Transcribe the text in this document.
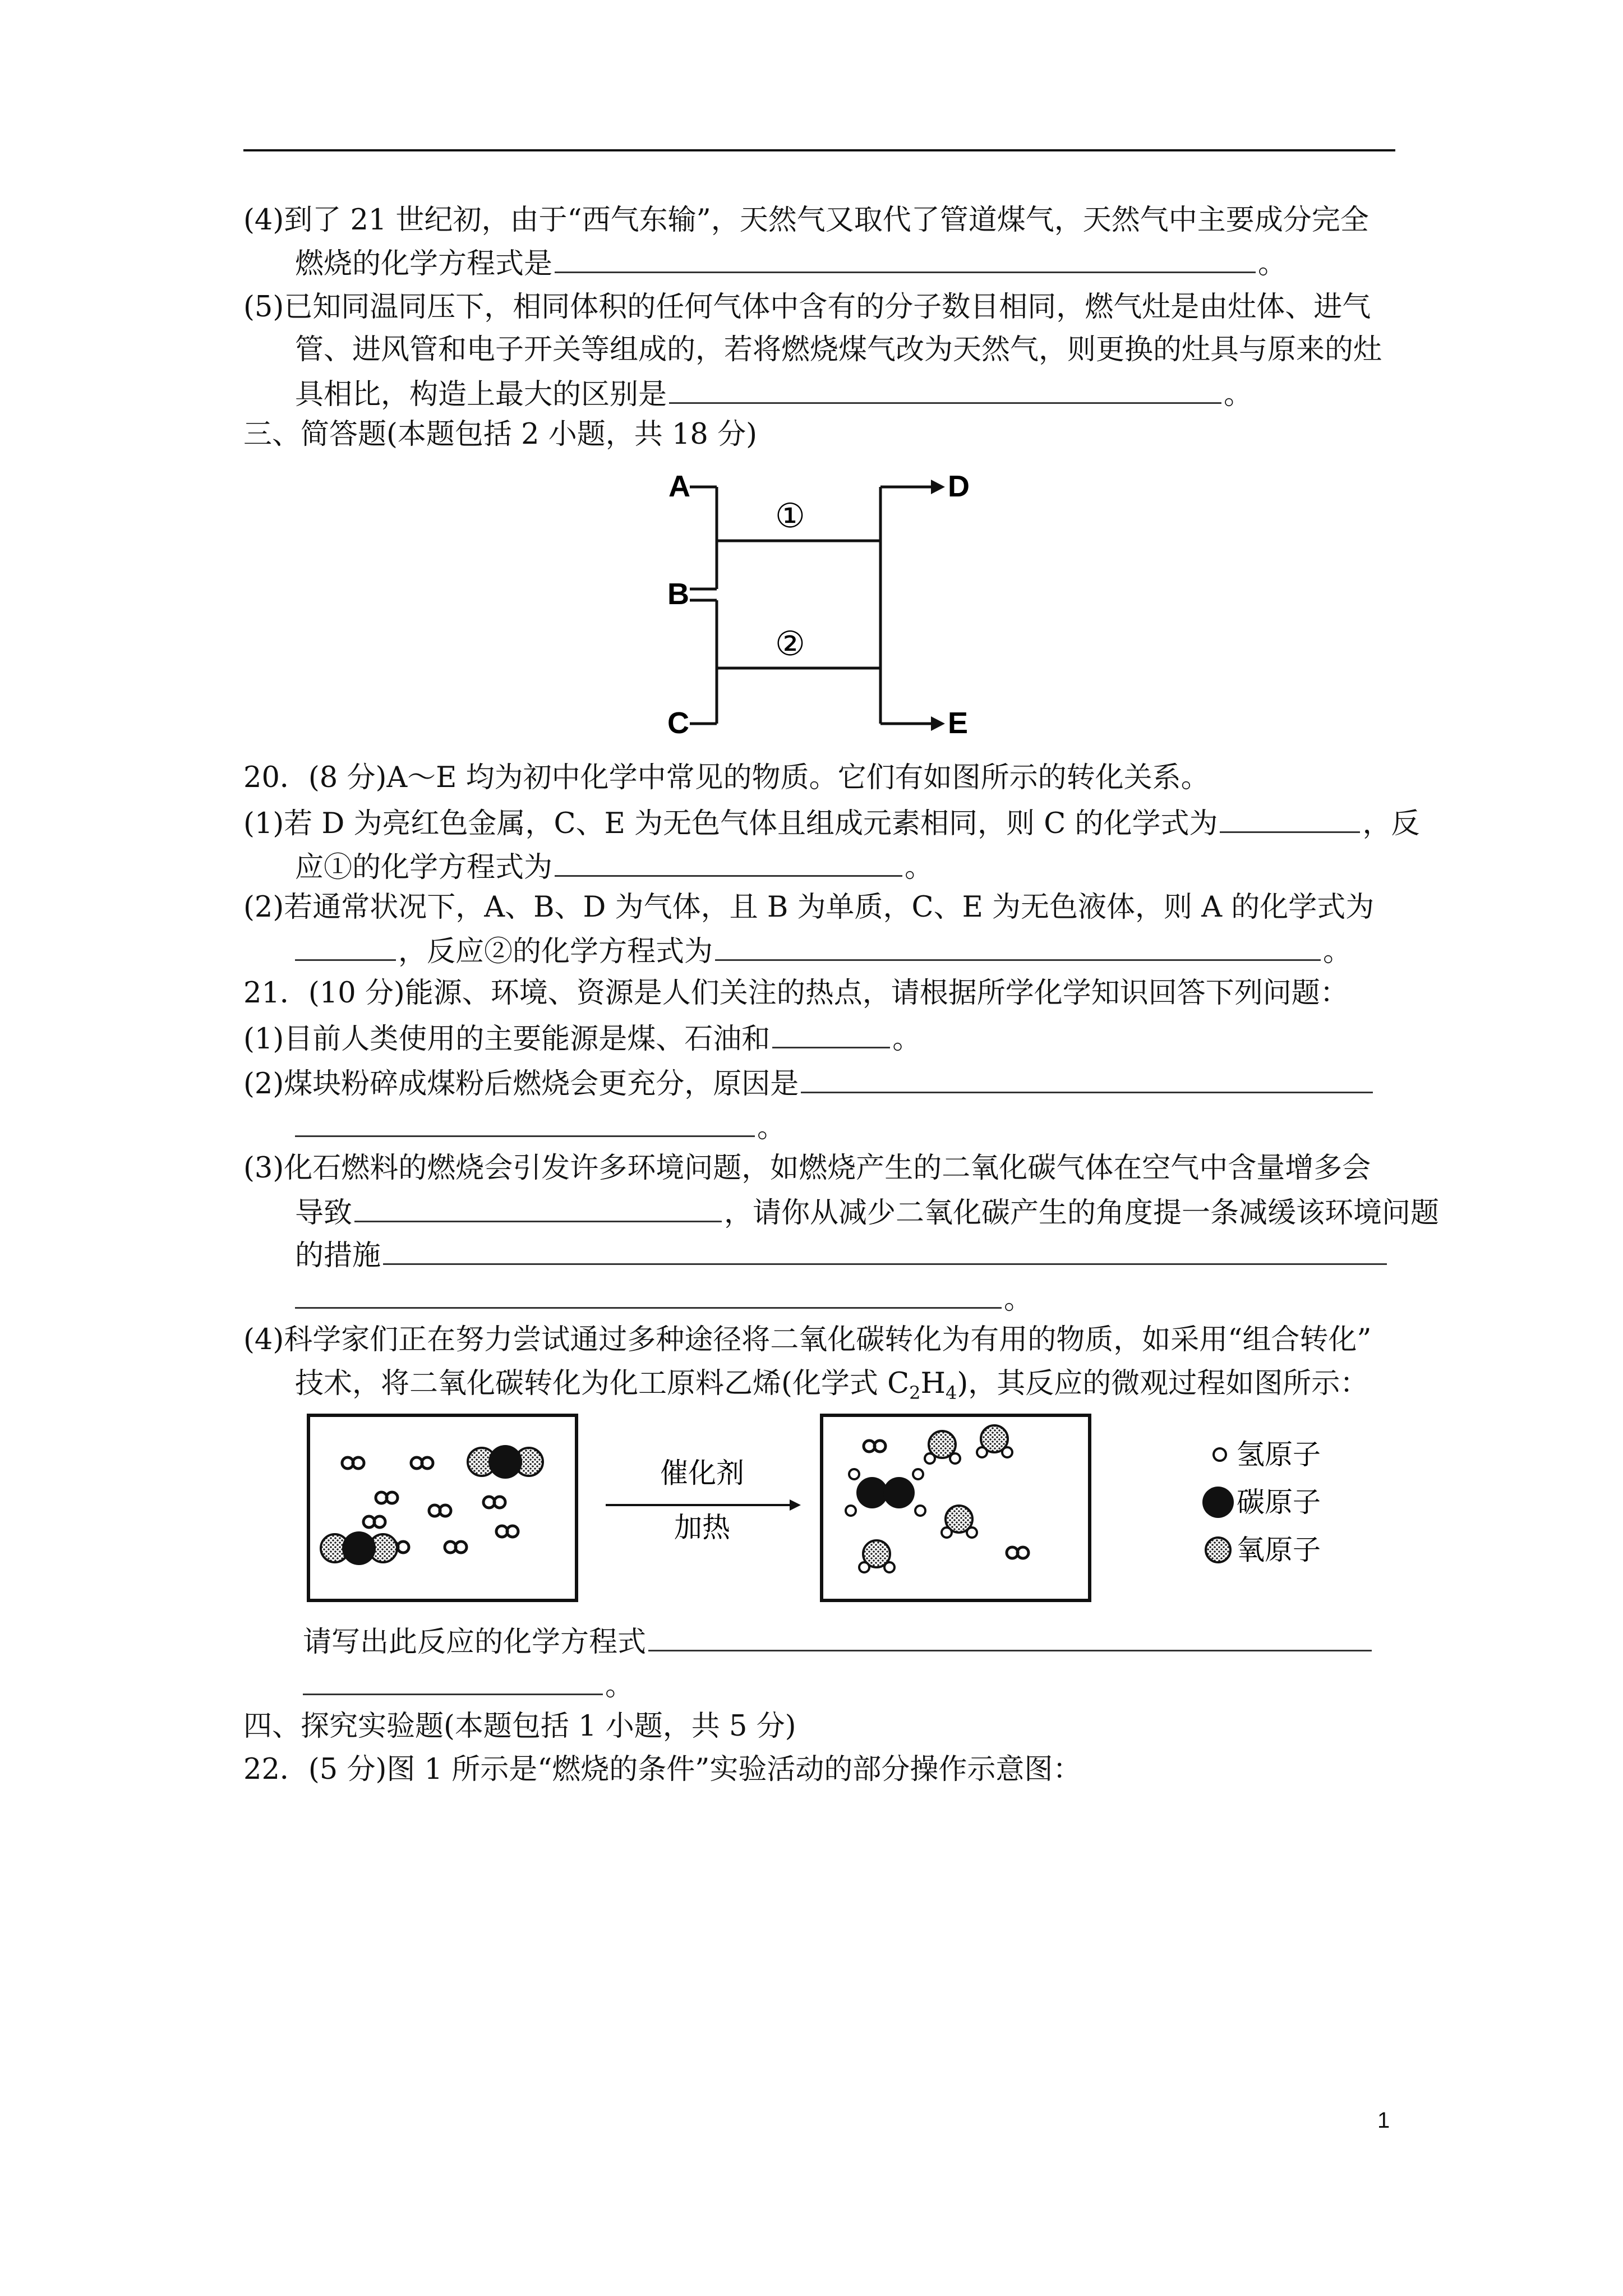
(4)到了 21 世纪初，由于“西气东输”，天然气又取代了管道煤气，天然气中主要成分完全
燃烧的化学方程式是	。
(5)已知同温同压下，相同体积的任何气体中含有的分子数目相同，燃气灶是由灶体、进气
管、进风管和电子开关等组成的，若将燃烧煤气改为天然气，则更换的灶具与原来的灶
具相比，构造上最大的区别是	。
三、简答题(本题包括 2 小题，共 18 分)
A
B
C
D
E
①
②
20．(8 分)A～E 均为初中化学中常见的物质。它们有如图所示的转化关系。
(1)若 D 为亮红色金属，C、E 为无色气体且组成元素相同，则 C 的化学式为	，反
应①的化学方程式为	。
(2)若通常状况下，A、B、D 为气体，且 B 为单质，C、E 为无色液体，则 A 的化学式为
，反应②的化学方程式为	。
21．(10 分)能源、环境、资源是人们关注的热点，请根据所学化学知识回答下列问题：
(1)目前人类使用的主要能源是煤、石油和	。
(2)煤块粉碎成煤粉后燃烧会更充分，原因是
。
(3)化石燃料的燃烧会引发许多环境问题，如燃烧产生的二氧化碳气体在空气中含量增多会
导致	，请你从减少二氧化碳产生的角度提一条减缓该环境问题
的措施
。
(4)科学家们正在努力尝试通过多种途径将二氧化碳转化为有用的物质，如采用“组合转化”
技术，将二氧化碳转化为化工原料乙烯(化学式 $C_2H_4$)，其反应的微观过程如图所示：
催化剂
加热
氢原子
碳原子
氧原子
请写出此反应的化学方程式
。
四、探究实验题(本题包括 1 小题，共 5 分)
22．(5 分)图 1 所示是“燃烧的条件”实验活动的部分操作示意图：
1
